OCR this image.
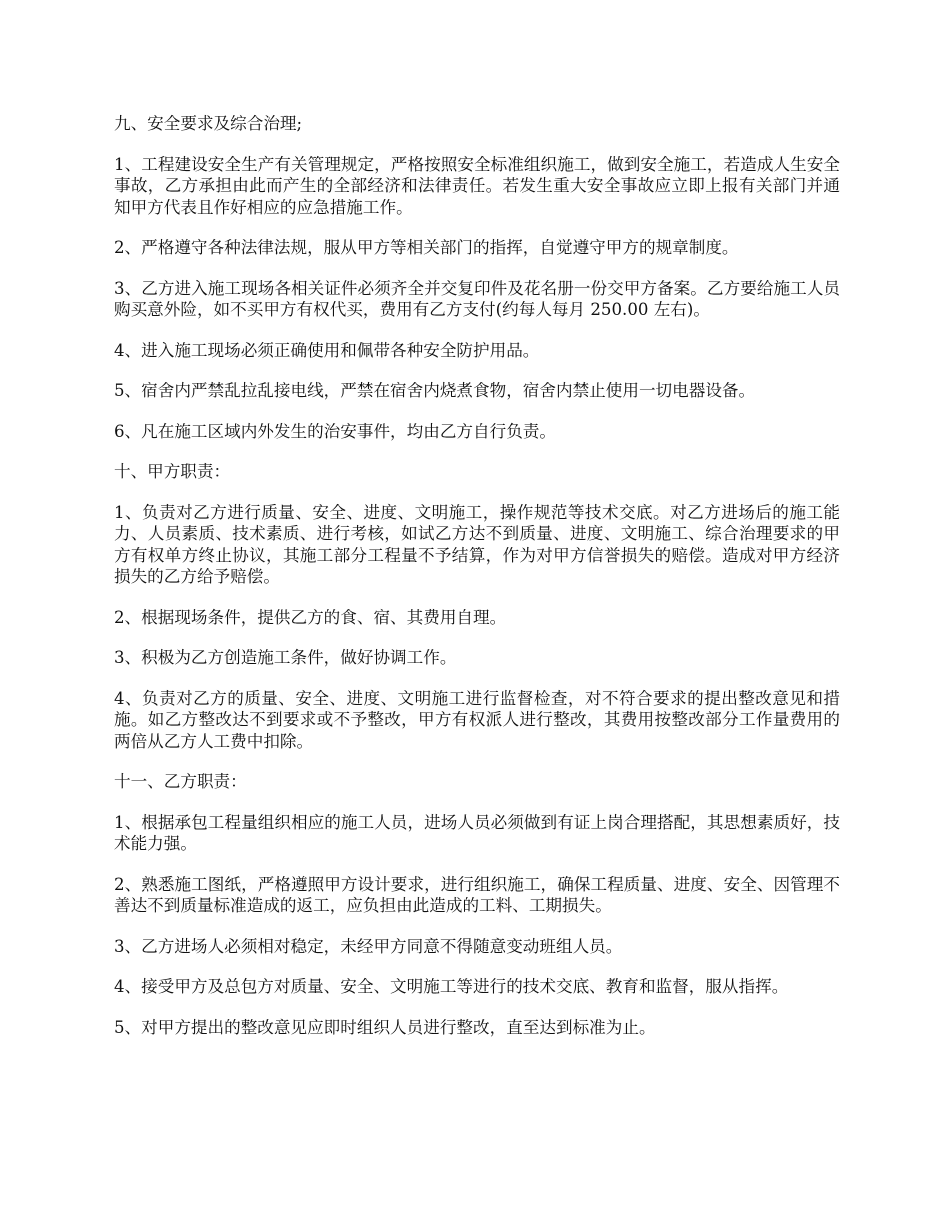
九、安全要求及综合治理;

1、工程建设安全生产有关管理规定，严格按照安全标准组织施工，做到安全施工，若造成人生安全事故，乙方承担由此而产生的全部经济和法律责任。若发生重大安全事故应立即上报有关部门并通知甲方代表且作好相应的应急措施工作。

2、严格遵守各种法律法规，服从甲方等相关部门的指挥，自觉遵守甲方的规章制度。

3、乙方进入施工现场各相关证件必须齐全并交复印件及花名册一份交甲方备案。乙方要给施工人员购买意外险，如不买甲方有权代买，费用有乙方支付(约每人每月 250.00 左右)。

4、进入施工现场必须正确使用和佩带各种安全防护用品。

5、宿舍内严禁乱拉乱接电线，严禁在宿舍内烧煮食物，宿舍内禁止使用一切电器设备。

6、凡在施工区域内外发生的治安事件，均由乙方自行负责。

十、甲方职责：

1、负责对乙方进行质量、安全、进度、文明施工，操作规范等技术交底。对乙方进场后的施工能力、人员素质、技术素质、进行考核，如试乙方达不到质量、进度、文明施工、综合治理要求的甲方有权单方终止协议，其施工部分工程量不予结算，作为对甲方信誉损失的赔偿。造成对甲方经济损失的乙方给予赔偿。

2、根据现场条件，提供乙方的食、宿、其费用自理。

3、积极为乙方创造施工条件，做好协调工作。

4、负责对乙方的质量、安全、进度、文明施工进行监督检查，对不符合要求的提出整改意见和措施。如乙方整改达不到要求或不予整改，甲方有权派人进行整改，其费用按整改部分工作量费用的两倍从乙方人工费中扣除。

十一、乙方职责：

1、根据承包工程量组织相应的施工人员，进场人员必须做到有证上岗合理搭配，其思想素质好，技术能力强。

2、熟悉施工图纸，严格遵照甲方设计要求，进行组织施工，确保工程质量、进度、安全、因管理不善达不到质量标准造成的返工，应负担由此造成的工料、工期损失。

3、乙方进场人必须相对稳定，未经甲方同意不得随意变动班组人员。

4、接受甲方及总包方对质量、安全、文明施工等进行的技术交底、教育和监督，服从指挥。

5、对甲方提出的整改意见应即时组织人员进行整改，直至达到标准为止。
